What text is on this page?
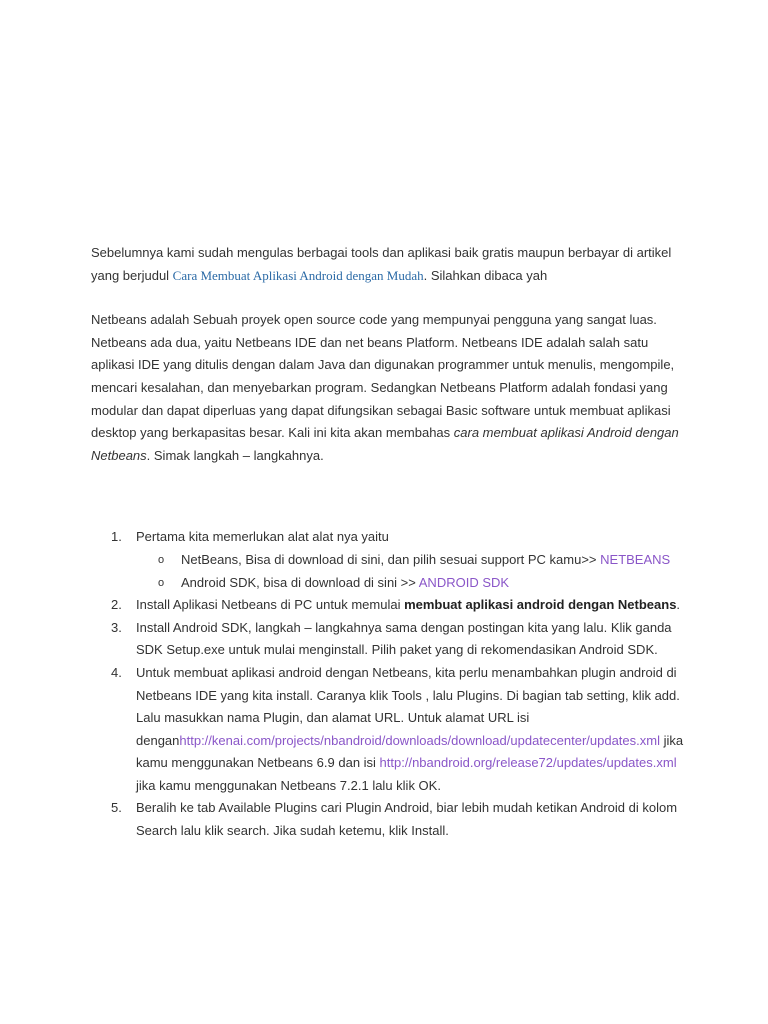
Sebelumnya kami sudah mengulas berbagai tools dan aplikasi baik gratis maupun berbayar di artikel yang berjudul Cara Membuat Aplikasi Android dengan Mudah. Silahkan dibaca yah

Netbeans adalah Sebuah proyek open source code yang mempunyai pengguna yang sangat luas. Netbeans ada dua, yaitu Netbeans IDE dan net beans Platform. Netbeans IDE adalah salah satu aplikasi IDE yang ditulis dengan dalam Java dan digunakan programmer untuk menulis, mengompile, mencari kesalahan, dan menyebarkan program. Sedangkan Netbeans Platform adalah fondasi yang modular dan dapat diperluas yang dapat difungsikan sebagai Basic software untuk membuat aplikasi desktop yang berkapasitas besar. Kali ini kita akan membahas cara membuat aplikasi Android dengan Netbeans. Simak langkah – langkahnya.

1. Pertama kita memerlukan alat alat nya yaitu
o NetBeans, Bisa di download di sini, dan pilih sesuai support PC kamu>> NETBEANS
o Android SDK, bisa di download di sini >> ANDROID SDK
2. Install Aplikasi Netbeans di PC untuk memulai membuat aplikasi android dengan Netbeans.
3. Install Android SDK, langkah – langkahnya sama dengan postingan kita yang lalu. Klik ganda SDK Setup.exe untuk mulai menginstall. Pilih paket yang di rekomendasikan Android SDK.
4. Untuk membuat aplikasi android dengan Netbeans, kita perlu menambahkan plugin android di Netbeans IDE yang kita install. Caranya klik Tools , lalu Plugins. Di bagian tab setting, klik add. Lalu masukkan nama Plugin, dan alamat URL. Untuk alamat URL isi denganhttp://kenai.com/projects/nbandroid/downloads/download/updatecenter/updates.xml jika kamu menggunakan Netbeans 6.9 dan isi http://nbandroid.org/release72/updates/updates.xml jika kamu menggunakan Netbeans 7.2.1 lalu klik OK.
5. Beralih ke tab Available Plugins cari Plugin Android, biar lebih mudah ketikan Android di kolom Search lalu klik search. Jika sudah ketemu, klik Install.
